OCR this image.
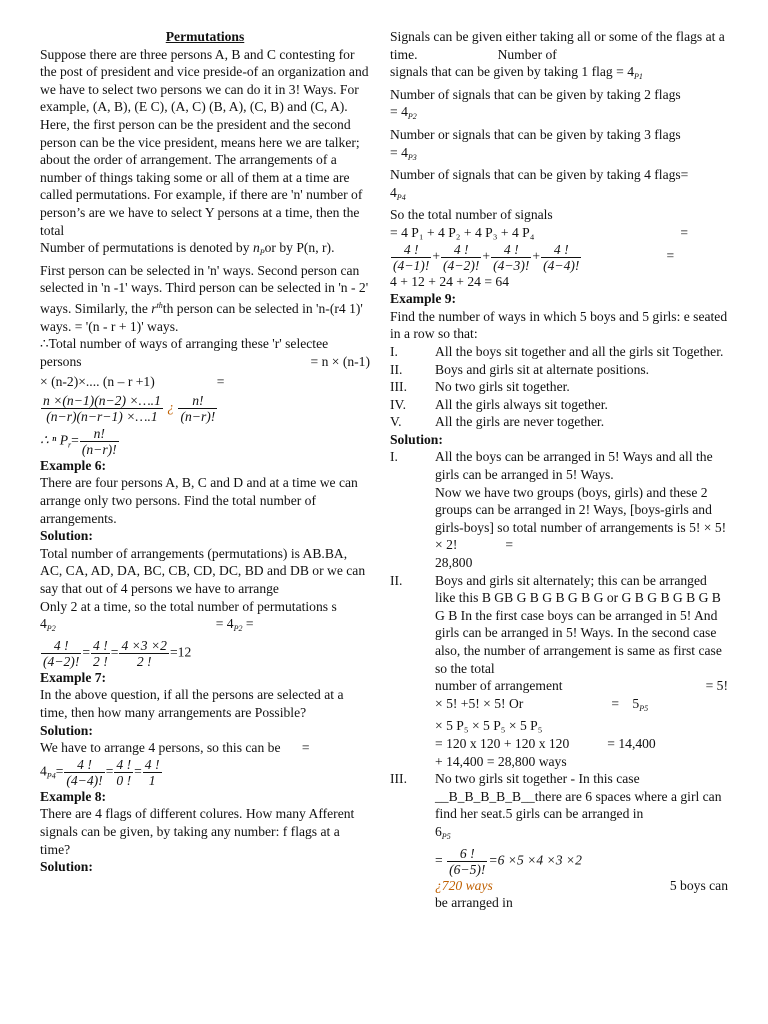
Permutations

Suppose there are three persons A, B and C contesting for the post of president and vice preside-of an organization and we have to select two persons we can do it in 3! Ways. For example, (A, B), (E C), (A, C) (B, A), (C, B) and (C, A). Here, the first person can be the president and the second person can be the vice president, means here we are talker; about the order of arrangement. The arrangements of a number of things taking some or all of them at a time are called permutations. For example, if there are 'n' number of person’s are we have to select Y persons at a time, then the total

Number of permutations is denoted by $n_Por$ by P(n, r).

First person can be selected in 'n' ways. Second person can selected in 'n -1' ways. Third person can be selected in 'n - 2' ways. Similarly, the $r^{th}th$ person can be selected in 'n-(r4 1)' ways. = '(n - r + 1)' ways.

∴Total number of ways of arranging these 'r' selectee persons	= n × (n-1)

× (n-2)×.... (n – r +1)	=

$\frac{n \times(n-1)(n-2) \times\dots.1}{(n-r)(n-r-1) \times\dots.1}$ ¿ $\frac{n!}{(n-r)!}$

∴ ⁿ $P_r= \frac{n!}{(n-r)!}$

Example 6:

There are four persons A, B, C and D and at a time we can arrange only two persons. Find the total number of arrangements.

Solution:

Total number of arrangements (permutations) is AB.BA, AC, CA, AD, DA, BC, CB, CD, DC, BD and DB or we can say that out of 4 persons we have to arrange

Only 2 at a time, so the total number of permutations s

$4_{P2}$	= $4_{P2}$ =

$\frac{4 !}{(4-2)!} = \frac{4 !}{2 !} = \frac{4 \times 3 \times 2}{2 !} =12$

Example 7:

In the above question, if all the persons are selected at a time, then how many arrangements are Possible?

Solution:

We have to arrange 4 persons, so this can be =

$4_{P4}= \frac{4 !}{(4-4)!} = \frac{4 !}{0 !} = \frac{4 !}{1}$

Example 8:

There are 4 flags of different colures. How many Afferent signals can be given, by taking any number: f flags at a time?

Solution:

Signals can be given either taking all or some of the flags at a time.	Number of

signals that can be given by taking 1 flag = $4_{P1}$

Number of signals that can be given by taking 2 flags

= $4_{P2}$

Number or signals that can be given by taking 3 flags

= $4_{P3}$

Number of signals that can be given by taking 4 flags=

$4_{P4}$

So the total number of signals

= 4 P₁ + 4 P₂ + 4 P₃ + 4 P₄	=

$\frac{4 !}{(4-1)!} + \frac{4 !}{(4-2)!} + \frac{4 !}{(4-3)!} + \frac{4 !}{(4-4)!}$	=

4 + 12 + 24 + 24 = 64

Example 9:

Find the number of ways in which 5 boys and 5 girls: e seated in a row so that:

I.	All the boys sit together and all the girls sit Together.
II. Boys and girls sit at alternate positions.
III. No two girls sit together.
IV. All the girls always sit together.
V. All the girls are never together.

Solution:

I.	All the boys can be arranged in 5! Ways and all the girls can be arranged in 5! Ways.

Now we have two groups (boys, girls) and these 2 groups can be arranged in 2! Ways, [boys-girls and girls-boys] so total number of arrangements is 5! × 5! × 2!	=

28,800

II. Boys and girls sit alternately; this can be arranged like this B GB G B G B G B G or G B G B G B G B G B In the first case boys can be arranged in 5! And girls can be arranged in 5! Ways. In the second case also, the number of arrangement is same as first case so the total

number of arrangement	= 5!

× 5! +5! × 5! Or	= $5_{P5}$

× 5 P₅ × 5 P₅ × 5 P₅

= 120 x 120 + 120 x 120	= 14,400

+ 14,400 = 28,800 ways

III. No two girls sit together - In this case __B_B_B_B_B__there are 6 spaces where a girl can find her seat.5 girls can be arranged in

$6_{P5}$

= $\frac{6 !}{(6-5)!} =6 \times 5 \times 4 \times 3 \times 2$

¿720 ways	5 boys can

be arranged in
